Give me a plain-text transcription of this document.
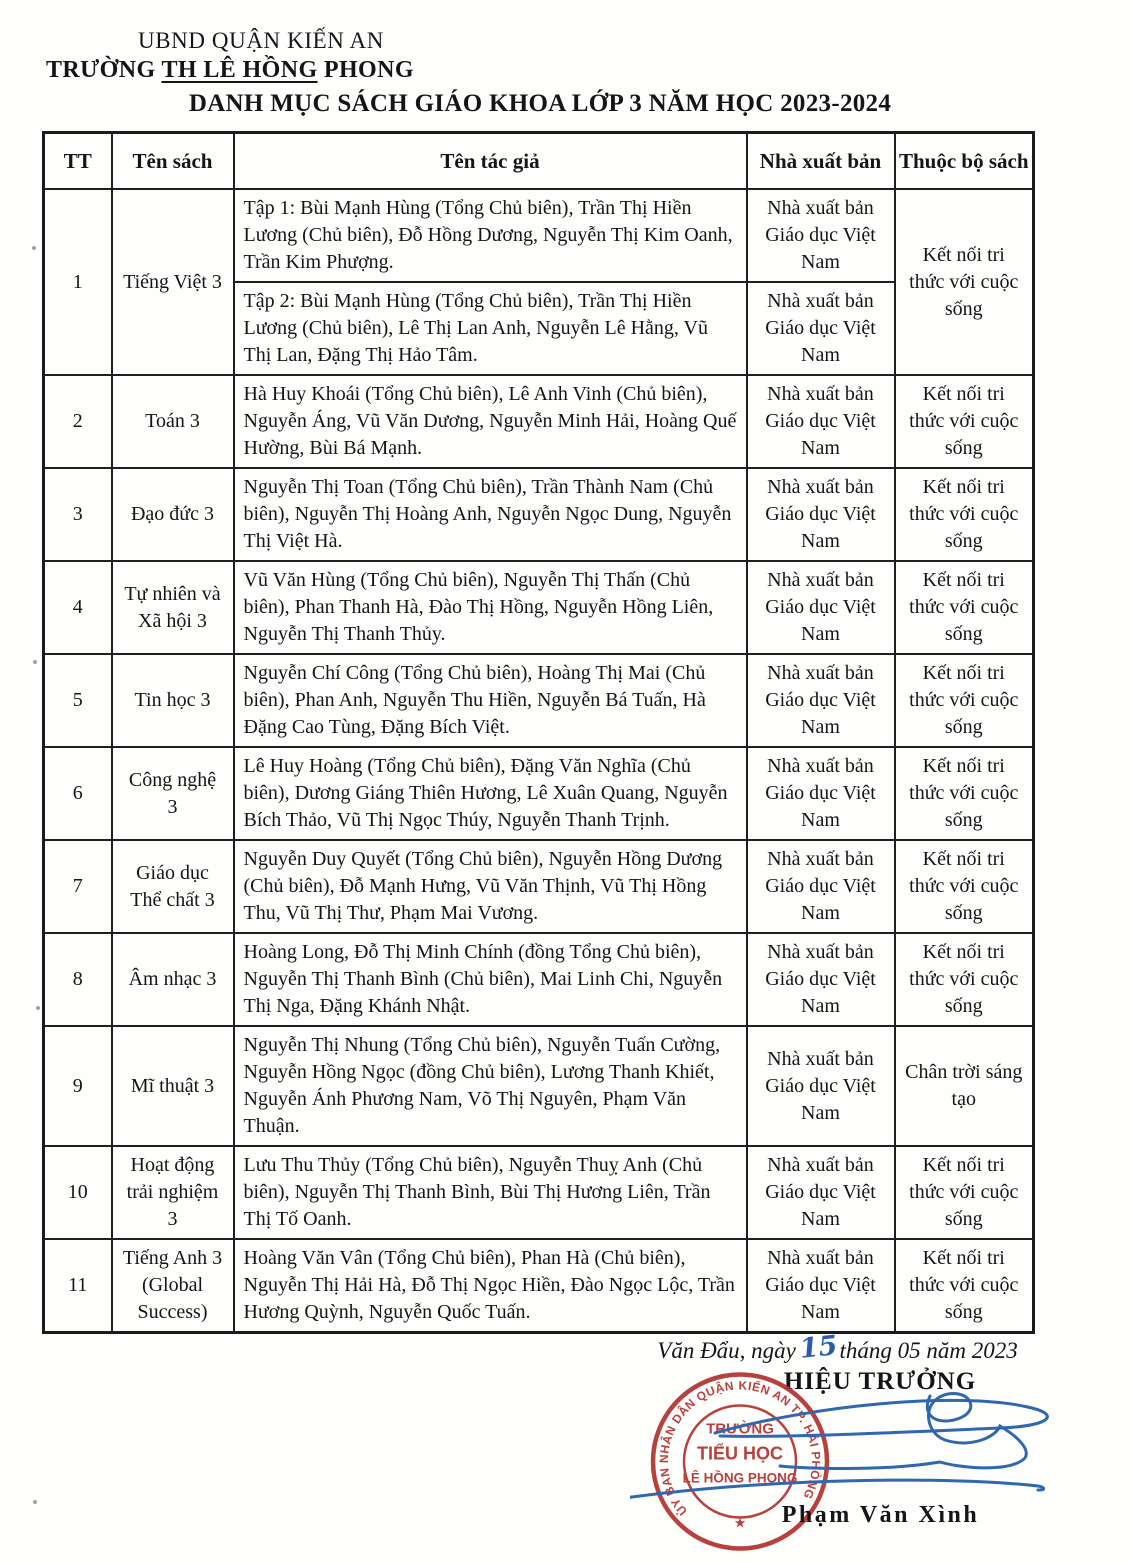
UBND QUẬN KIẾN AN
TRƯỜNG TH LÊ HỒNG PHONG
DANH MỤC SÁCH GIÁO KHOA LỚP 3 NĂM HỌC 2023-2024
TT	Tên sách	Tên tác giả	Nhà xuất bản	Thuộc bộ sách
1	Tiếng Việt 3	Tập 1: Bùi Mạnh Hùng (Tổng Chủ biên), Trần Thị Hiền Lương (Chủ biên), Đỗ Hồng Dương, Nguyễn Thị Kim Oanh, Trần Kim Phượng.	Nhà xuất bản Giáo dục Việt Nam	Kết nối tri thức với cuộc sống
		Tập 2: Bùi Mạnh Hùng (Tổng Chủ biên), Trần Thị Hiền Lương (Chủ biên), Lê Thị Lan Anh, Nguyễn Lê Hằng, Vũ Thị Lan, Đặng Thị Hảo Tâm.	Nhà xuất bản Giáo dục Việt Nam	
2	Toán 3	Hà Huy Khoái (Tổng Chủ biên), Lê Anh Vinh (Chủ biên), Nguyễn Áng, Vũ Văn Dương, Nguyễn Minh Hải, Hoàng Quế Hường, Bùi Bá Mạnh.	Nhà xuất bản Giáo dục Việt Nam	Kết nối tri thức với cuộc sống
3	Đạo đức 3	Nguyễn Thị Toan (Tổng Chủ biên), Trần Thành Nam (Chủ biên), Nguyễn Thị Hoàng Anh, Nguyễn Ngọc Dung, Nguyễn Thị Việt Hà.	Nhà xuất bản Giáo dục Việt Nam	Kết nối tri thức với cuộc sống
4	Tự nhiên và Xã hội 3	Vũ Văn Hùng (Tổng Chủ biên), Nguyễn Thị Thấn (Chủ biên), Phan Thanh Hà, Đào Thị Hồng, Nguyễn Hồng Liên, Nguyễn Thị Thanh Thủy.	Nhà xuất bản Giáo dục Việt Nam	Kết nối tri thức với cuộc sống
5	Tin học 3	Nguyễn Chí Công (Tổng Chủ biên), Hoàng Thị Mai (Chủ biên), Phan Anh, Nguyễn Thu Hiền, Nguyễn Bá Tuấn, Hà Đặng Cao Tùng, Đặng Bích Việt.	Nhà xuất bản Giáo dục Việt Nam	Kết nối tri thức với cuộc sống
6	Công nghệ 3	Lê Huy Hoàng (Tổng Chủ biên), Đặng Văn Nghĩa (Chủ biên), Dương Giáng Thiên Hương, Lê Xuân Quang, Nguyễn Bích Thảo, Vũ Thị Ngọc Thúy, Nguyễn Thanh Trịnh.	Nhà xuất bản Giáo dục Việt Nam	Kết nối tri thức với cuộc sống
7	Giáo dục Thể chất 3	Nguyễn Duy Quyết (Tổng Chủ biên), Nguyễn Hồng Dương (Chủ biên), Đỗ Mạnh Hưng, Vũ Văn Thịnh, Vũ Thị Hồng Thu, Vũ Thị Thư, Phạm Mai Vương.	Nhà xuất bản Giáo dục Việt Nam	Kết nối tri thức với cuộc sống
8	Âm nhạc 3	Hoàng Long, Đỗ Thị Minh Chính (đồng Tổng Chủ biên), Nguyễn Thị Thanh Bình (Chủ biên), Mai Linh Chi, Nguyễn Thị Nga, Đặng Khánh Nhật.	Nhà xuất bản Giáo dục Việt Nam	Kết nối tri thức với cuộc sống
9	Mĩ thuật 3	Nguyễn Thị Nhung (Tổng Chủ biên), Nguyễn Tuấn Cường, Nguyễn Hồng Ngọc (đồng Chủ biên), Lương Thanh Khiết, Nguyễn Ánh Phương Nam, Võ Thị Nguyên, Phạm Văn Thuận.	Nhà xuất bản Giáo dục Việt Nam	Chân trời sáng tạo
10	Hoạt động trải nghiệm 3	Lưu Thu Thủy (Tổng Chủ biên), Nguyễn Thuỵ Anh (Chủ biên), Nguyễn Thị Thanh Bình, Bùi Thị Hương Liên, Trần Thị Tố Oanh.	Nhà xuất bản Giáo dục Việt Nam	Kết nối tri thức với cuộc sống
11	Tiếng Anh 3 (Global Success)	Hoàng Văn Vân (Tổng Chủ biên), Phan Hà (Chủ biên), Nguyễn Thị Hải Hà, Đỗ Thị Ngọc Hiền, Đào Ngọc Lộc, Trần Hương Quỳnh, Nguyễn Quốc Tuấn.	Nhà xuất bản Giáo dục Việt Nam	Kết nối tri thức với cuộc sống
Văn Đẩu, ngày15tháng 05 năm 2023
HIỆU TRƯỞNG
ỦY BAN NHÂN DÂN QUẬN KIẾN AN TP. HẢI PHÒNG
TRƯỜNG
TIỂU HỌC
LÊ HỒNG PHONG
★	Phạm Văn Xình
